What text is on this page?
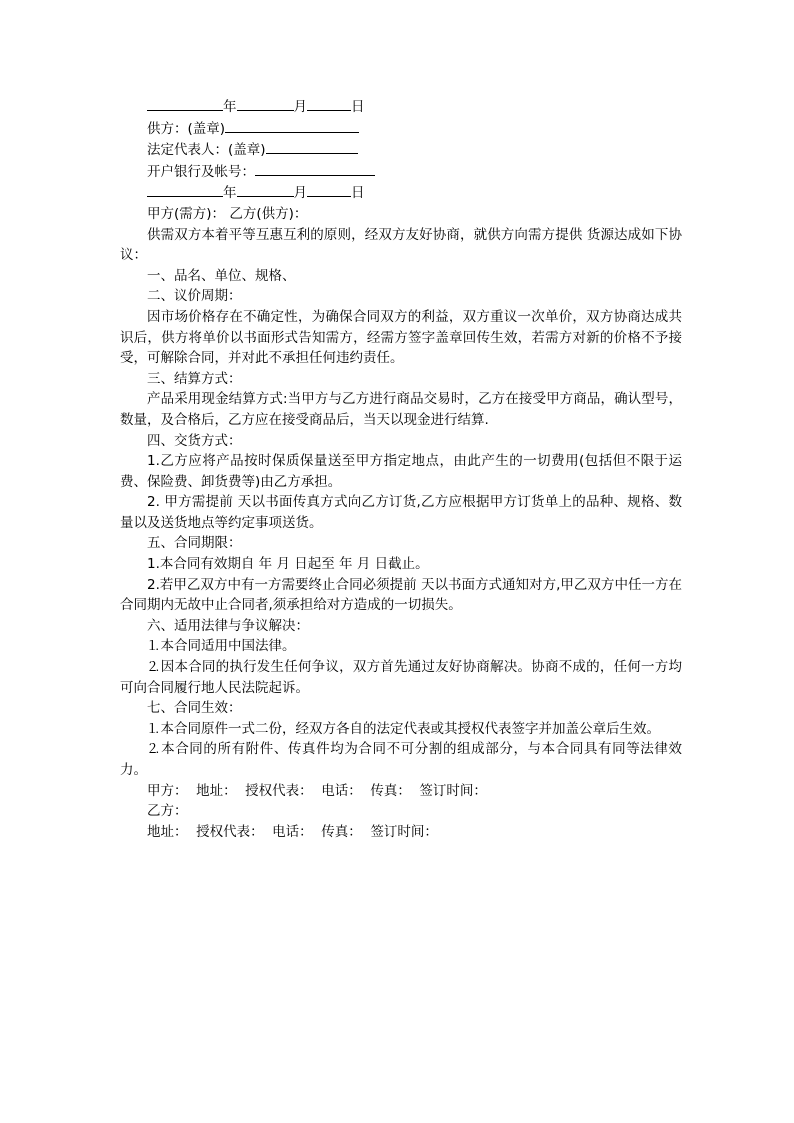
年	月	日
供方：(盖章)
法定代表人：(盖章)
开户银行及帐号：
年	月	日
甲方(需方)： 乙方(供方)：
供需双方本着平等互惠互利的原则，经双方友好协商，就供方向需方提供 货源达成如下协议：
一、品名、单位、规格、
二、议价周期：
因市场价格存在不确定性，为确保合同双方的利益，双方重议一次单价，双方协商达成共识后，供方将单价以书面形式告知需方，经需方签字盖章回传生效，若需方对新的价格不予接受，可解除合同，并对此不承担任何违约责任。
三、结算方式：
产品采用现金结算方式:当甲方与乙方进行商品交易时，乙方在接受甲方商品，确认型号，数量，及合格后，乙方应在接受商品后，当天以现金进行结算.
四、交货方式：
1.乙方应将产品按时保质保量送至甲方指定地点，由此产生的一切费用(包括但不限于运费、保险费、卸货费等)由乙方承担。
2. 甲方需提前 天以书面传真方式向乙方订货,乙方应根据甲方订货单上的品种、规格、数量以及送货地点等约定事项送货。
五、合同期限：
1.本合同有效期自 年 月 日起至 年 月 日截止。
2.若甲乙双方中有一方需要终止合同必须提前 天以书面方式通知对方,甲乙双方中任一方在合同期内无故中止合同者,须承担给对方造成的一切损失。
六、适用法律与争议解决：
⒈本合同适用中国法律。
⒉因本合同的执行发生任何争议，双方首先通过友好协商解决。协商不成的，任何一方均可向合同履行地人民法院起诉。
七、合同生效：
⒈本合同原件一式二份，经双方各自的法定代表或其授权代表签字并加盖公章后生效。
⒉本合同的所有附件、传真件均为合同不可分割的组成部分，与本合同具有同等法律效力。
甲方：  地址：  授权代表：  电话：  传真：  签订时间：
乙方：
地址：  授权代表：  电话：  传真：  签订时间：
